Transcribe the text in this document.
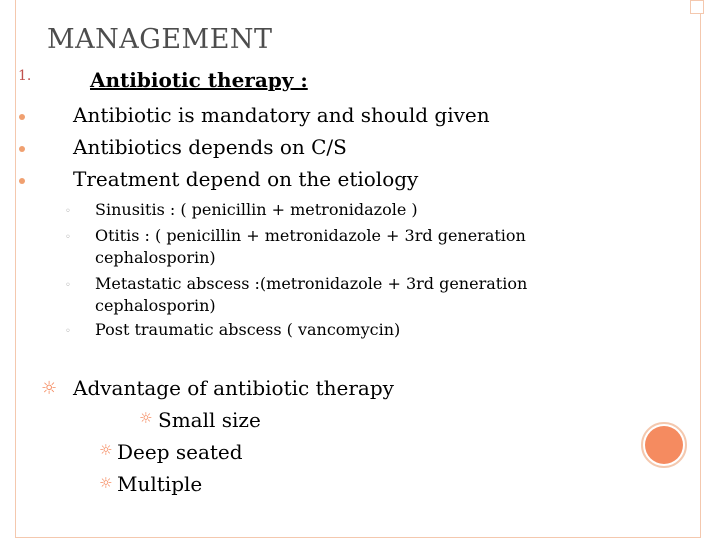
MANAGEMENT
1.	Antibiotic therapy :
Antibiotic is mandatory and should given
Antibiotics depends on C/S
Treatment depend on the etiology
◦ Sinusitis : ( penicillin + metronidazole )
◦ Otitis : ( penicillin + metronidazole + 3rd generation
cephalosporin)
◦ Metastatic abscess :(metronidazole + 3rd generation
cephalosporin)
◦ Post traumatic abscess ( vancomycin)
☼ Advantage of antibiotic therapy
☼ Small size
☼ Deep seated
☼ Multiple
